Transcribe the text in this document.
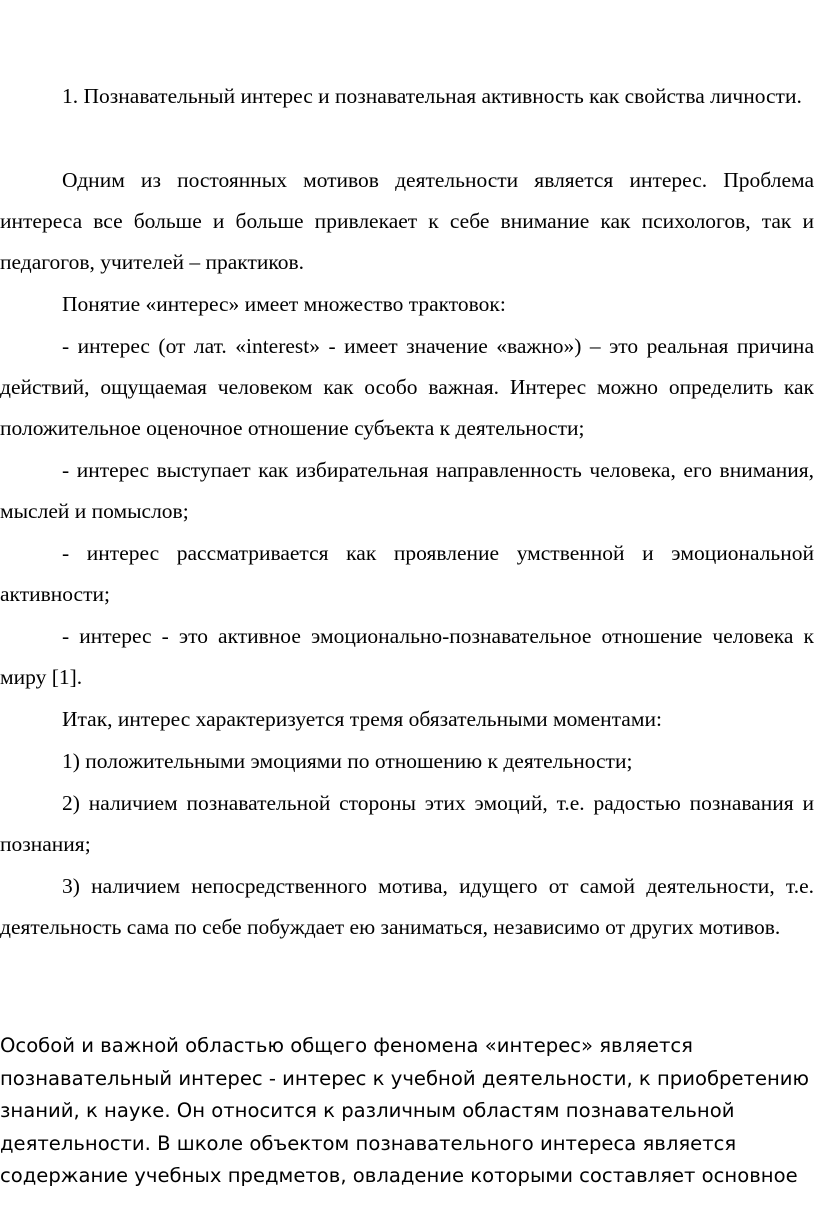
1. Познавательный интерес и познавательная активность как свойства личности.

Одним из постоянных мотивов деятельности является интерес. Проблема интереса все больше и больше привлекает к себе внимание как психологов, так и педагогов, учителей – практиков.

Понятие «интерес» имеет множество трактовок:

- интерес (от лат. «interest» - имеет значение «важно») – это реальная причина действий, ощущаемая человеком как особо важная. Интерес можно определить как положительное оценочное отношение субъекта к деятельности;

- интерес выступает как избирательная направленность человека, его внимания, мыслей и помыслов;

- интерес рассматривается как проявление умственной и эмоциональной активности;

- интерес - это активное эмоционально-познавательное отношение человека к миру [1].

Итак, интерес характеризуется тремя обязательными моментами:

1) положительными эмоциями по отношению к деятельности;

2) наличием познавательной стороны этих эмоций, т.е. радостью познавания и познания;

3) наличием непосредственного мотива, идущего от самой деятельности, т.е. деятельность сама по себе побуждает ею заниматься, независимо от других мотивов.

Особой и важной областью общего феномена «интерес» является познавательный интерес - интерес к учебной деятельности, к приобретению знаний, к науке. Он относится к различным областям познавательной деятельности. В школе объектом познавательного интереса является содержание учебных предметов, овладение которыми составляет основное
